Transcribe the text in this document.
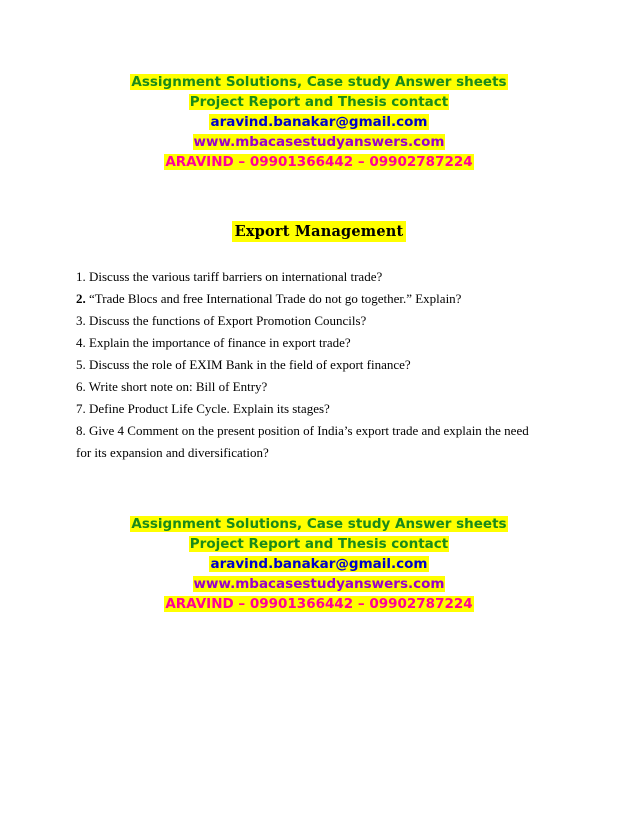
Assignment Solutions, Case study Answer sheets
Project Report and Thesis contact
aravind.banakar@gmail.com
www.mbacasestudyanswers.com
ARAVIND – 09901366442 – 09902787224
Export Management
1. Discuss the various tariff barriers on international trade?
2. “Trade Blocs and free International Trade do not go together.” Explain?
3. Discuss the functions of Export Promotion Councils?
4. Explain the importance of finance in export trade?
5. Discuss the role of EXIM Bank in the field of export finance?
6. Write short note on: Bill of Entry?
7. Define Product Life Cycle. Explain its stages?
8. Give 4 Comment on the present position of India’s export trade and explain the need
for its expansion and diversification?
Assignment Solutions, Case study Answer sheets
Project Report and Thesis contact
aravind.banakar@gmail.com
www.mbacasestudyanswers.com
ARAVIND – 09901366442 – 09902787224
